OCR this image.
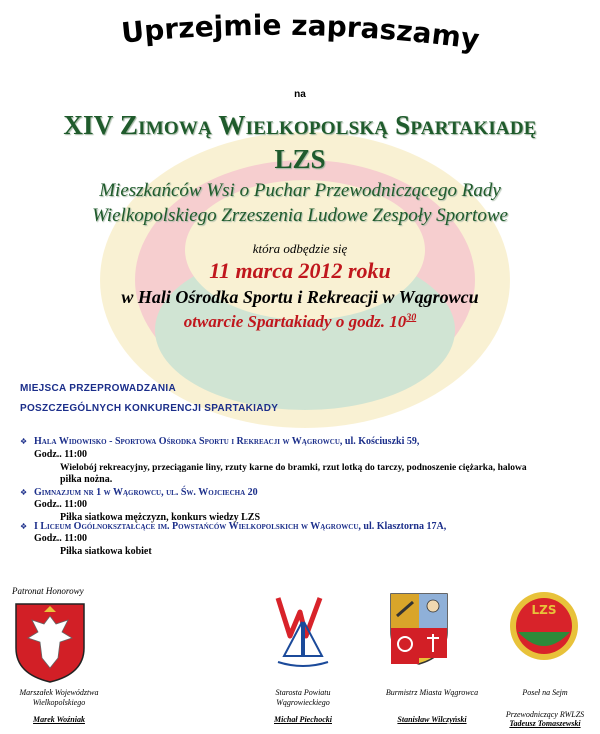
Uprzejmie zapraszamy
na
XIV Zimową Wielkopolską Spartakiadę
LZS
Mieszkańców Wsi o Puchar Przewodniczącego Rady
Wielkopolskiego Zrzeszenia Ludowe Zespoły Sportowe
która odbędzie się
11 marca 2012 roku
w Hali Ośrodka Sportu i Rekreacji w Wągrowcu
otwarcie Spartakiady o godz. $10^{30}$
MIEJSCA PRZEPROWADZANIA
POSZCZEGÓLNYCH KONKURENCJI SPARTAKIADY
❖ Hala Widowisko - Sportowa Ośrodka Sportu i Rekreacji w Wągrowcu, ul. Kościuszki 59,
Godz.. 11:00
Wielobój rekreacyjny, przeciąganie liny, rzuty karne do bramki, rzut lotką do tarczy, podnoszenie ciężarka, halowa
piłka nożna.
❖ Gimnazjum nr 1 w Wągrowcu, ul. Św. Wojciecha 20
Godz.. 11:00
Piłka siatkowa mężczyzn, konkurs wiedzy LZS
❖ I Liceum Ogólnokształcące im. Powstańców Wielkopolskich w Wągrowcu, ul. Klasztorna 17A,
Godz.. 11:00
Piłka siatkowa kobiet
Patronat Honorowy
LZS
Marszałek Województwa
Wielkopolskiego
Marek Woźniak
Starosta Powiatu
Wągrowieckiego
Michał Piechocki
Burmistrz Miasta Wągrowca
Stanisław Wilczyński
Poseł na Sejm
Przewodniczący RWLZS
Tadeusz Tomaszewski
